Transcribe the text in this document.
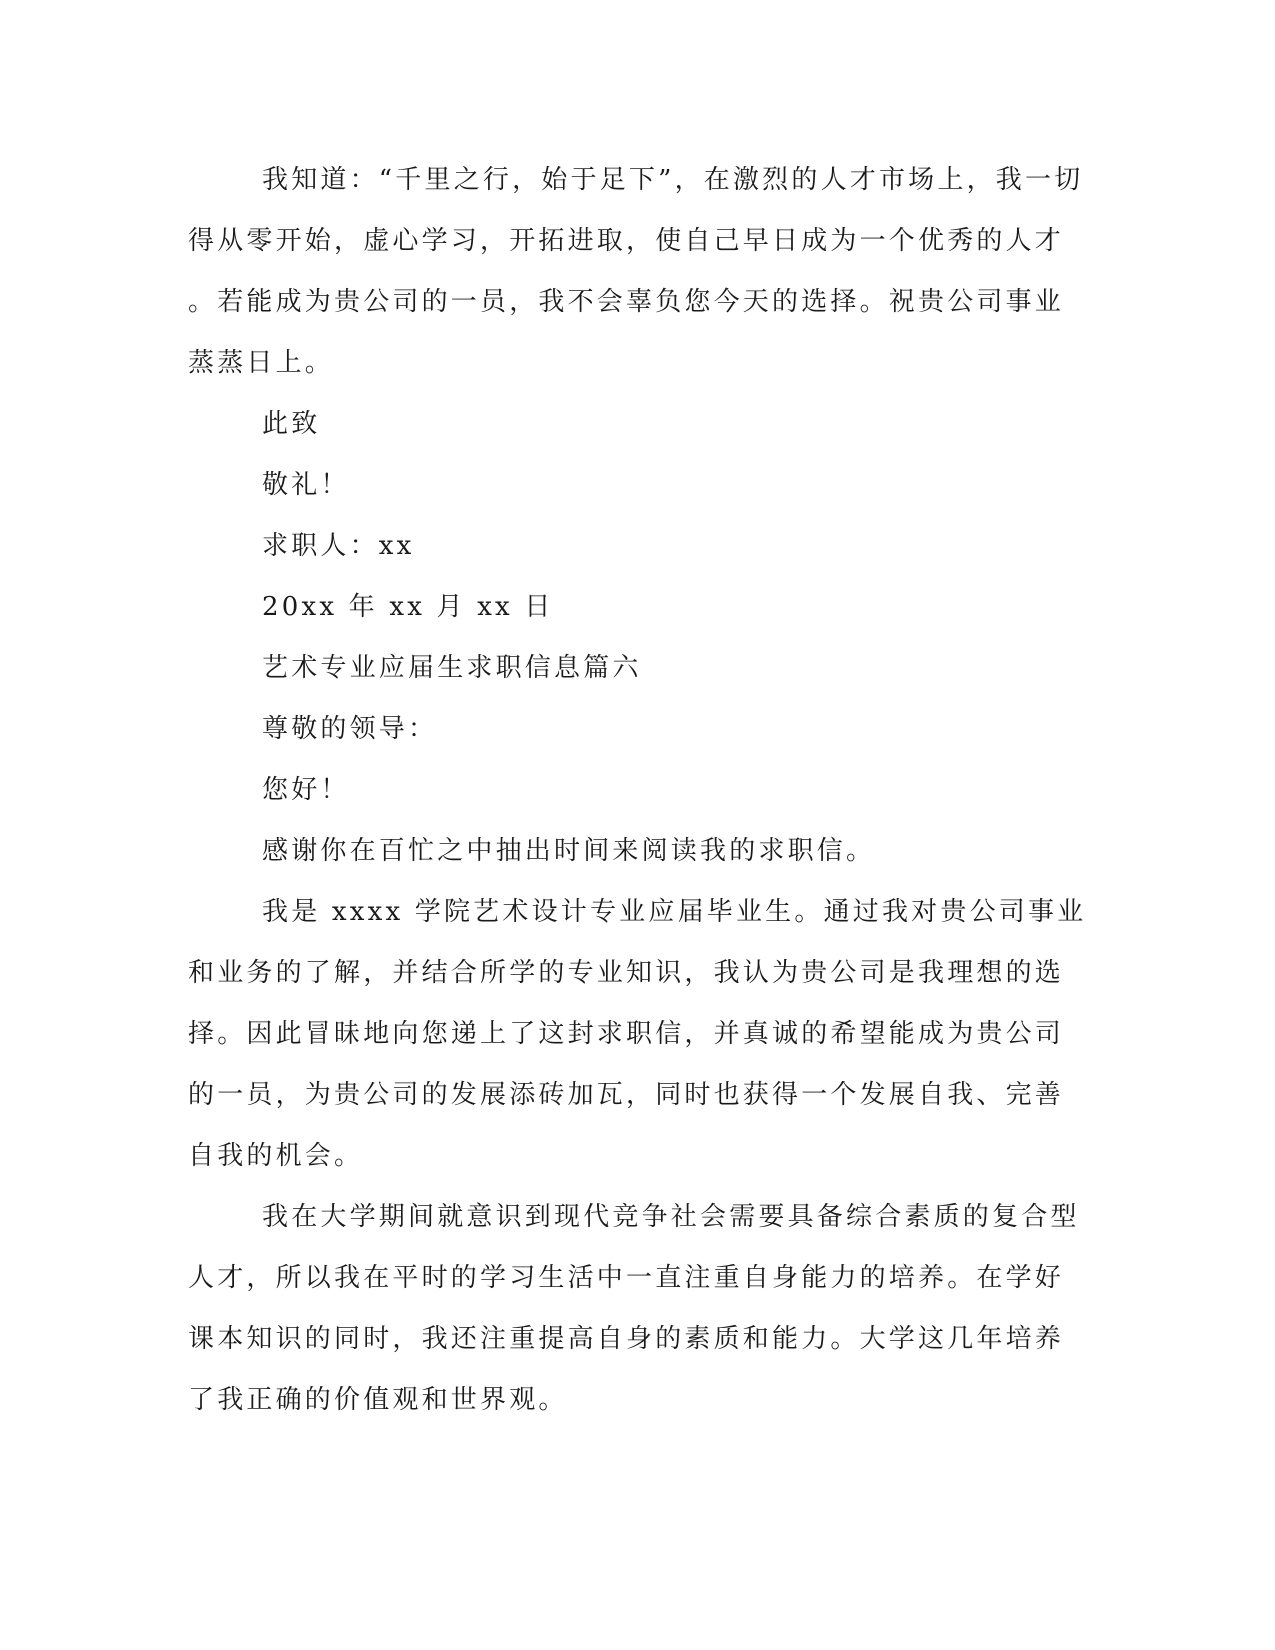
我知道：“千里之行，始于足下”，在激烈的人才市场上，我一切
得从零开始，虚心学习，开拓进取，使自己早日成为一个优秀的人才
。若能成为贵公司的一员，我不会辜负您今天的选择。祝贵公司事业
蒸蒸日上。
此致
敬礼！
求职人：xx
20xx 年 xx 月 xx 日
艺术专业应届生求职信息篇六
尊敬的领导：
您好！
感谢你在百忙之中抽出时间来阅读我的求职信。
我是 xxxx 学院艺术设计专业应届毕业生。通过我对贵公司事业
和业务的了解，并结合所学的专业知识，我认为贵公司是我理想的选
择。因此冒昧地向您递上了这封求职信，并真诚的希望能成为贵公司
的一员，为贵公司的发展添砖加瓦，同时也获得一个发展自我、完善
自我的机会。
我在大学期间就意识到现代竞争社会需要具备综合素质的复合型
人才，所以我在平时的学习生活中一直注重自身能力的培养。在学好
课本知识的同时，我还注重提高自身的素质和能力。大学这几年培养
了我正确的价值观和世界观。
